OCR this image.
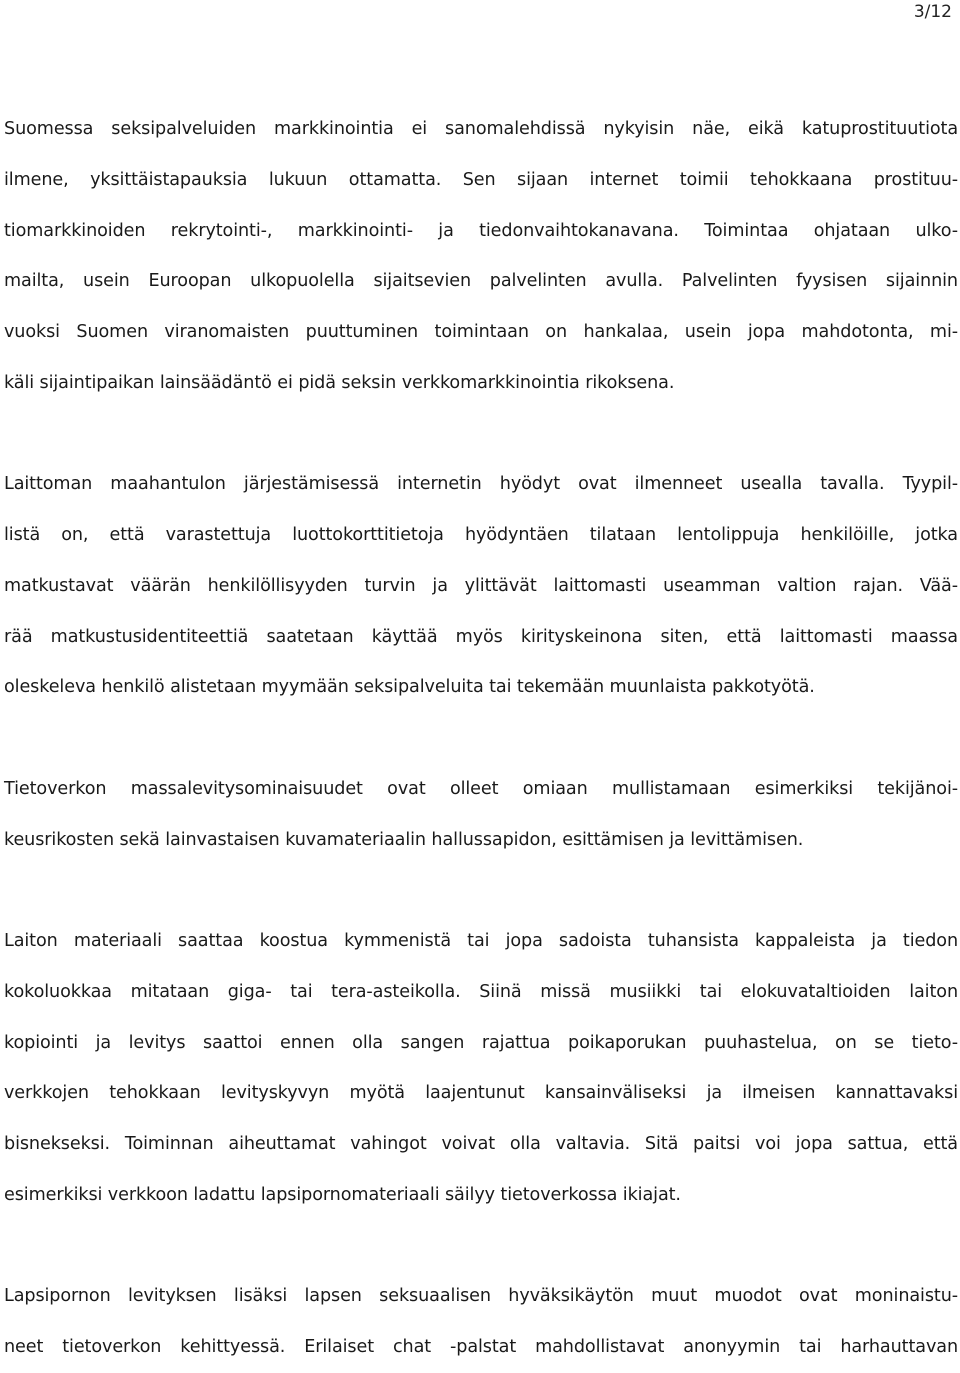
3/12
Suomessa seksipalveluiden markkinointia ei sanomalehdissä nykyisin näe, eikä katuprostituutiota
ilmene, yksittäistapauksia lukuun ottamatta. Sen sijaan internet toimii tehokkaana prostituu-
tiomarkkinoiden rekrytointi-, markkinointi- ja tiedonvaihtokanavana. Toimintaa ohjataan ulko-
mailta, usein Euroopan ulkopuolella sijaitsevien palvelinten avulla. Palvelinten fyysisen sijainnin
vuoksi Suomen viranomaisten puuttuminen toimintaan on hankalaa, usein jopa mahdotonta, mi-
käli sijaintipaikan lainsäädäntö ei pidä seksin verkkomarkkinointia rikoksena.
Laittoman maahantulon järjestämisessä internetin hyödyt ovat ilmenneet usealla tavalla. Tyypil-
listä on, että varastettuja luottokorttitietoja hyödyntäen tilataan lentolippuja henkilöille, jotka
matkustavat väärän henkilöllisyyden turvin ja ylittävät laittomasti useamman valtion rajan. Vää-
rää matkustusidentiteettiä saatetaan käyttää myös kirityskeinona siten, että laittomasti maassa
oleskeleva henkilö alistetaan myymään seksipalveluita tai tekemään muunlaista pakkotyötä.
Tietoverkon massalevitysominaisuudet ovat olleet omiaan mullistamaan esimerkiksi tekijänoi-
keusrikosten sekä lainvastaisen kuvamateriaalin hallussapidon, esittämisen ja levittämisen.
Laiton materiaali saattaa koostua kymmenistä tai jopa sadoista tuhansista kappaleista ja tiedon
kokoluokkaa mitataan giga- tai tera-asteikolla. Siinä missä musiikki tai elokuvataltioiden laiton
kopiointi ja levitys saattoi ennen olla sangen rajattua poikaporukan puuhastelua, on se tieto-
verkkojen tehokkaan levityskyvyn myötä laajentunut kansainväliseksi ja ilmeisen kannattavaksi
bisnekseksi. Toiminnan aiheuttamat vahingot voivat olla valtavia. Sitä paitsi voi jopa sattua, että
esimerkiksi verkkoon ladattu lapsipornomateriaali säilyy tietoverkossa ikiajat.
Lapsipornon levityksen lisäksi lapsen seksuaalisen hyväksikäytön muut muodot ovat moninaistu-
neet tietoverkon kehittyessä. Erilaiset chat -palstat mahdollistavat anonyymin tai harhauttavan
